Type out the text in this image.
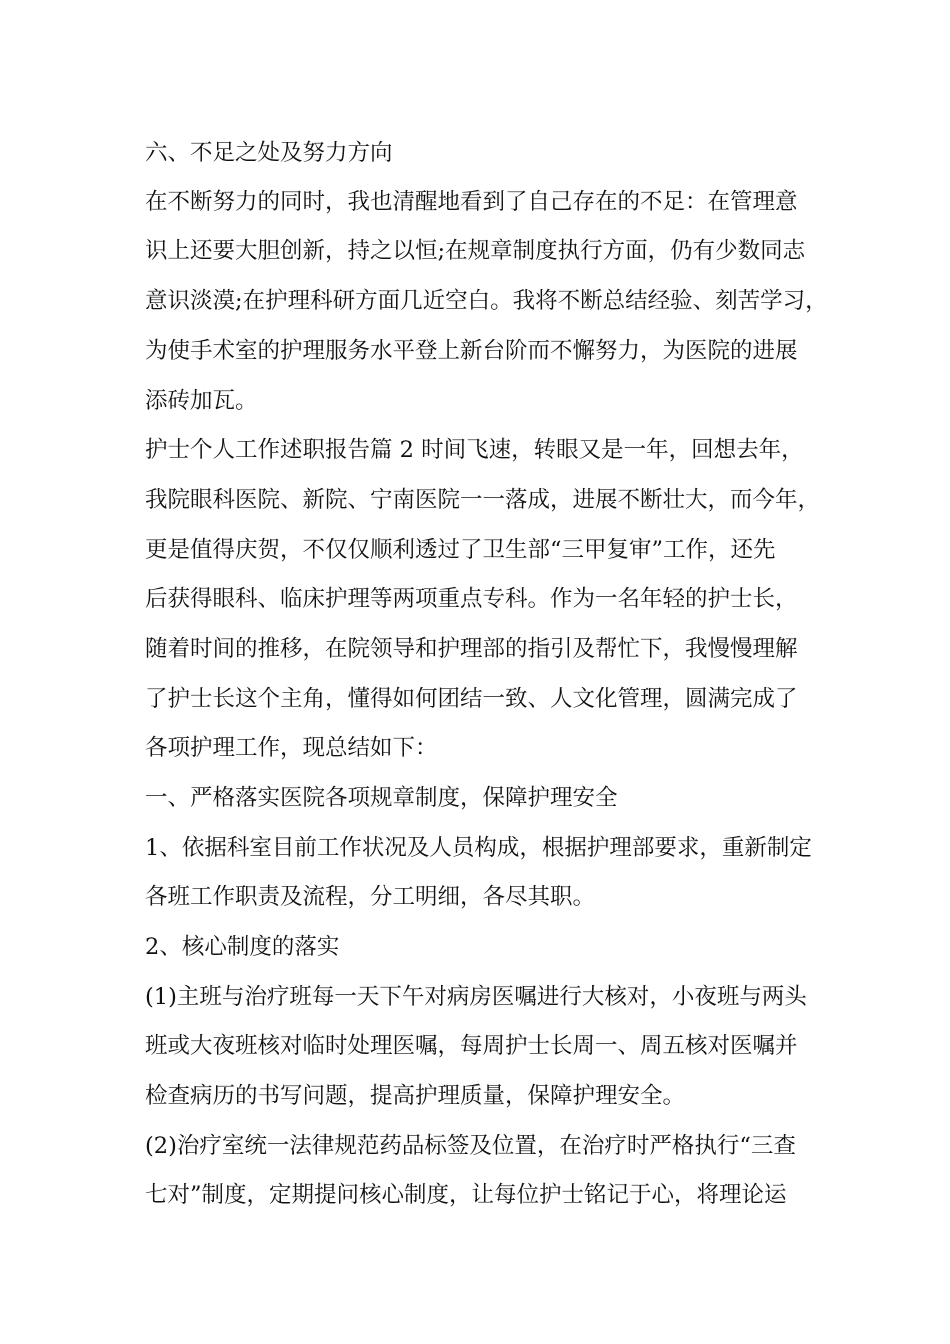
六、不足之处及努力方向
在不断努力的同时，我也清醒地看到了自己存在的不足：在管理意
识上还要大胆创新，持之以恒;在规章制度执行方面，仍有少数同志
意识淡漠;在护理科研方面几近空白。我将不断总结经验、刻苦学习，
为使手术室的护理服务水平登上新台阶而不懈努力，为医院的进展
添砖加瓦。
护士个人工作述职报告篇 2 时间飞速，转眼又是一年，回想去年，
我院眼科医院、新院、宁南医院一一落成，进展不断壮大，而今年，
更是值得庆贺，不仅仅顺利透过了卫生部“三甲复审”工作，还先
后获得眼科、临床护理等两项重点专科。作为一名年轻的护士长，
随着时间的推移，在院领导和护理部的指引及帮忙下，我慢慢理解
了护士长这个主角，懂得如何团结一致、人文化管理，圆满完成了
各项护理工作，现总结如下：
一、严格落实医院各项规章制度，保障护理安全
1、依据科室目前工作状况及人员构成，根据护理部要求，重新制定
各班工作职责及流程，分工明细，各尽其职。
2、核心制度的落实
(1)主班与治疗班每一天下午对病房医嘱进行大核对，小夜班与两头
班或大夜班核对临时处理医嘱，每周护士长周一、周五核对医嘱并
检查病历的书写问题，提高护理质量，保障护理安全。
(2)治疗室统一法律规范药品标签及位置，在治疗时严格执行“三查
七对”制度，定期提问核心制度，让每位护士铭记于心，将理论运
